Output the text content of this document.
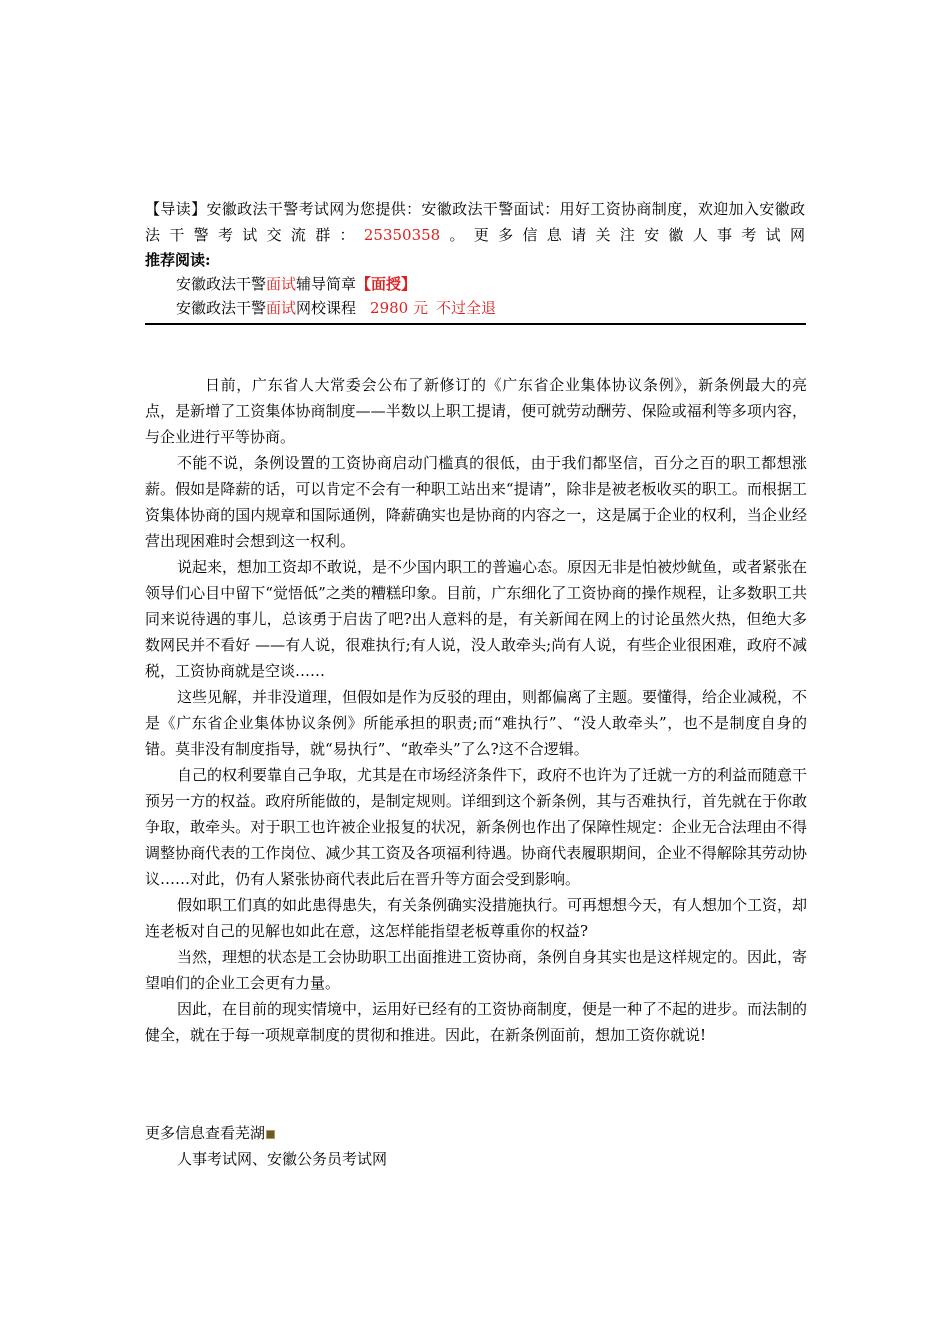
【导读】安徽政法干警考试网为您提供：安徽政法干警面试：用好工资协商制度，欢迎加入安徽政法干警考试交流群：25350358。更多信息请关注安徽人事考试网

推荐阅读:

安徽政法干警面试辅导简章【面授】

安徽政法干警面试网校课程 2980 元 不过全退

日前，广东省人大常委会公布了新修订的《广东省企业集体协议条例》，新条例最大的亮点，是新增了工资集体协商制度——半数以上职工提请，便可就劳动酬劳、保险或福利等多项内容，与企业进行平等协商。

不能不说，条例设置的工资协商启动门槛真的很低，由于我们都坚信，百分之百的职工都想涨薪。假如是降薪的话，可以肯定不会有一种职工站出来“提请”，除非是被老板收买的职工。而根据工资集体协商的国内规章和国际通例，降薪确实也是协商的内容之一，这是属于企业的权利，当企业经营出现困难时会想到这一权利。

说起来，想加工资却不敢说，是不少国内职工的普遍心态。原因无非是怕被炒鱿鱼，或者紧张在领导们心目中留下“觉悟低”之类的糟糕印象。目前，广东细化了工资协商的操作规程，让多数职工共同来说待遇的事儿，总该勇于启齿了吧?出人意料的是，有关新闻在网上的讨论虽然火热，但绝大多数网民并不看好 ——有人说，很难执行;有人说，没人敢牵头;尚有人说，有些企业很困难，政府不减税，工资协商就是空谈……

这些见解，并非没道理，但假如是作为反驳的理由，则都偏离了主题。要懂得，给企业减税，不是《广东省企业集体协议条例》所能承担的职责;而“难执行”、“没人敢牵头”，也不是制度自身的错。莫非没有制度指导，就“易执行”、“敢牵头”了么?这不合逻辑。

自己的权利要靠自己争取，尤其是在市场经济条件下，政府不也许为了迁就一方的利益而随意干预另一方的权益。政府所能做的，是制定规则。详细到这个新条例，其与否难执行，首先就在于你敢争取，敢牵头。对于职工也许被企业报复的状况，新条例也作出了保障性规定：企业无合法理由不得调整协商代表的工作岗位、减少其工资及各项福利待遇。协商代表履职期间，企业不得解除其劳动协议……对此，仍有人紧张协商代表此后在晋升等方面会受到影响。

假如职工们真的如此患得患失，有关条例确实没措施执行。可再想想今天，有人想加个工资，却连老板对自己的见解也如此在意，这怎样能指望老板尊重你的权益?

当然，理想的状态是工会协助职工出面推进工资协商，条例自身其实也是这样规定的。因此，寄望咱们的企业工会更有力量。

因此，在目前的现实情境中，运用好已经有的工资协商制度，便是一种了不起的进步。而法制的健全，就在于每一项规章制度的贯彻和推进。因此，在新条例面前，想加工资你就说!

更多信息查看芜湖
人事考试网、安徽公务员考试网
